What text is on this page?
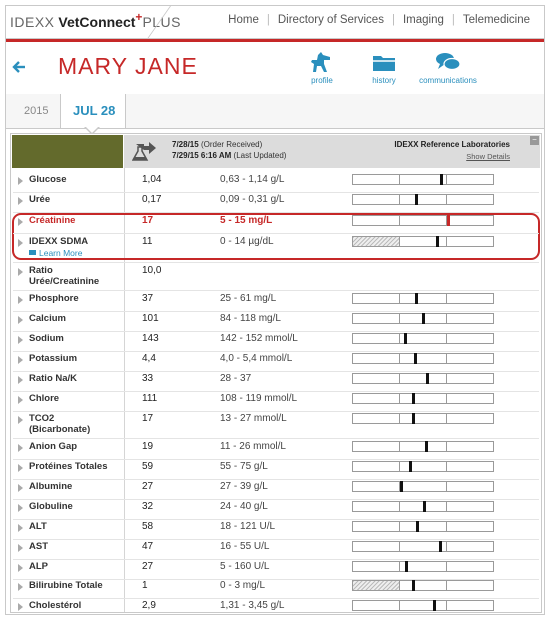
IDEXX VetConnect+PLUS	Home | Directory of Services | Imaging | Telemedicine
MARY JANE
profile	history	communications
2015 JUL 28
7/28/15 (Order Received)
7/29/15 6:16 AM (Last Updated)
IDEXX Reference Laboratories
Show Details
−
Glucose	1,04	0,63 - 1,14 g/L
Urée	0,17	0,09 - 0,31 g/L
Créatinine	17	5 - 15 mg/L
IDEXX SDMA
Learn More
11	0 - 14 µg/dL
Ratio
Urée/Creatinine
10,0
Phosphore	37	25 - 61 mg/L
Calcium	101	84 - 118 mg/L
Sodium	143	142 - 152 mmol/L
Potassium	4,4	4,0 - 5,4 mmol/L
Ratio Na/K	33	28 - 37
Chlore	111	108 - 119 mmol/L
TCO2
(Bicarbonate)
17	13 - 27 mmol/L
Anion Gap	19	11 - 26 mmol/L
Protéines Totales	59	55 - 75 g/L
Albumine	27	27 - 39 g/L
Globuline	32	24 - 40 g/L
ALT	58	18 - 121 U/L
AST	47	16 - 55 U/L
ALP	27	5 - 160 U/L
Bilirubine Totale	1	0 - 3 mg/L
Cholestérol	2,9	1,31 - 3,45 g/L
